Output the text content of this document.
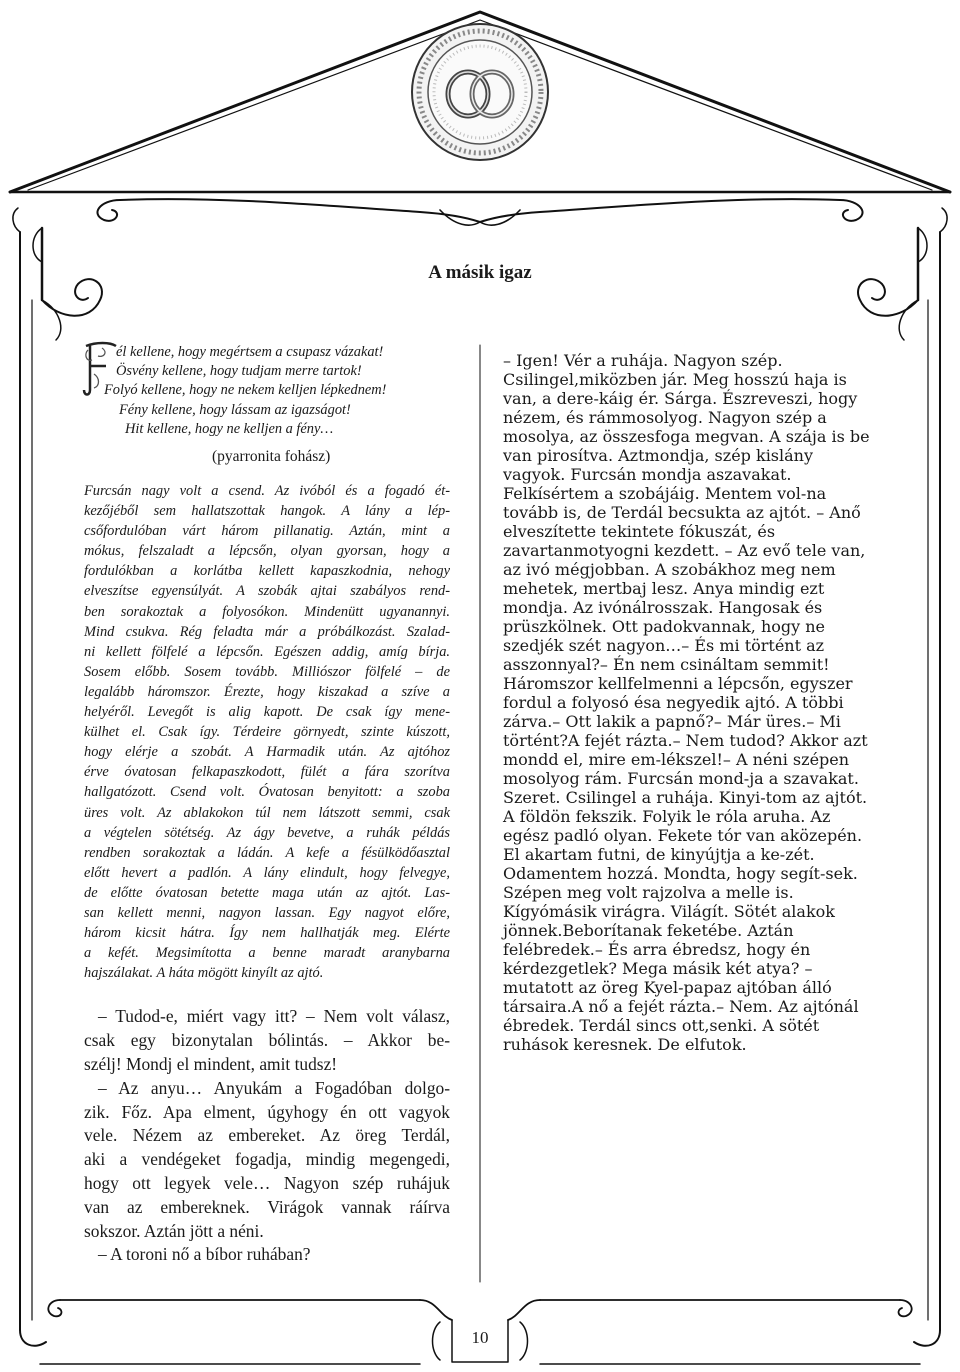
A másik igaz
él kellene, hogy megértsem a csupasz vázakat!
Ösvény kellene, hogy tudjam merre tartok!
Folyó kellene, hogy ne nekem kelljen lépkednem!
Fény kellene, hogy lássam az igazságot!
Hit kellene, hogy ne kelljen a fény…
(pyarronita fohász)
Furcsán nagy volt a csend. Az ivóból és a fogadó ét-
kezőjéből sem hallatszottak hangok. A lány a lép-
csőfordulóban várt három pillanatig. Aztán, mint a
mókus, felszaladt a lépcsőn, olyan gyorsan, hogy a
fordulókban a korlátba kellett kapaszkodnia, nehogy
elveszítse egyensúlyát. A szobák ajtai szabályos rend-
ben sorakoztak a folyosókon. Mindenütt ugyanannyi.
Mind csukva. Rég feladta már a próbálkozást. Szalad-
ni kellett fölfelé a lépcsőn. Egészen addig, amíg bírja.
Sosem előbb. Sosem tovább. Milliószor fölfelé – de
legalább háromszor. Érezte, hogy kiszakad a szíve a
helyéről. Levegőt is alig kapott. De csak így mene-
külhet el. Csak így. Térdeire görnyedt, szinte kúszott,
hogy elérje a szobát. A Harmadik után. Az ajtóhoz
érve óvatosan felkapaszkodott, fülét a fára szorítva
hallgatózott. Csend volt. Óvatosan benyitott: a szoba
üres volt. Az ablakokon túl nem látszott semmi, csak
a végtelen sötétség. Az ágy bevetve, a ruhák példás
rendben sorakoztak a ládán. A kefe a fésülködőasztal
előtt hevert a padlón. A lány elindult, hogy felvegye,
de előtte óvatosan betette maga után az ajtót. Las-
san kellett menni, nagyon lassan. Egy nagyot előre,
három kicsit hátra. Így nem hallhatják meg. Elérte
a kefét. Megsimította a benne maradt aranybarna
hajszálakat. A háta mögött kinyílt az ajtó.
– Tudod-e, miért vagy itt? – Nem volt válasz,
csak egy bizonytalan bólintás. – Akkor be-
szélj! Mondj el mindent, amit tudsz!
– Az anyu… Anyukám a Fogadóban dolgo-
zik. Főz. Apa elment, úgyhogy én ott vagyok
vele. Nézem az embereket. Az öreg Terdál,
aki a vendégeket fogadja, mindig megengedi,
hogy ott legyek vele… Nagyon szép ruhájuk
van az embereknek. Virágok vannak ráírva
sokszor. Aztán jött a néni.
– A toroni nő a bíbor ruhában?
– Igen! Vér a ruhája. Nagyon szép. Csilingel,miközben jár. Meg hosszú haja is van, a dere-káig ér. Sárga. Észreveszi, hogy nézem, és rámmosolyog. Nagyon szép a mosolya, az összesfoga megvan. A szája is be van pirosítva. Aztmondja, szép kislány vagyok. Furcsán mondja aszavakat. Felkísértem a szobájáig. Mentem vol-na tovább is, de Terdál becsukta az ajtót. – Anő elveszítette tekintete fókuszát, és zavartanmotyogni kezdett. – Az evő tele van, az ivó mégjobban. A szobákhoz meg nem mehetek, mertbaj lesz. Anya mindig ezt mondja. Az ivónálrosszak. Hangosak és prüszkölnek. Ott padokvannak, hogy ne szedjék szét nagyon…– És mi történt az asszonnyal?– Én nem csináltam semmit! Háromszor kellfelmenni a lépcsőn, egyszer fordul a folyosó ésa negyedik ajtó. A többi zárva.– Ott lakik a papnő?– Már üres.– Mi történt?A fejét rázta.– Nem tudod? Akkor azt mondd el, mire em-lékszel!– A néni szépen mosolyog rám. Furcsán mond-ja a szavakat. Szeret. Csilingel a ruhája. Kinyi-tom az ajtót. A földön fekszik. Folyik le róla aruha. Az egész padló olyan. Fekete tór van aközepén. El akartam futni, de kinyújtja a ke-zét. Odamentem hozzá. Mondta, hogy segít-sek. Szépen meg volt rajzolva a melle is. Kígyómásik virágra. Világít. Sötét alakok jönnek.Beborítanak feketébe. Aztán felébredek.– És arra ébredsz, hogy én kérdezgetlek? Mega másik két atya? – mutatott az öreg Kyel-papaz ajtóban álló társaira.A nő a fejét rázta.– Nem. Az ajtónál ébredek. Terdál sincs ott,senki. A sötét ruhások keresnek. De elfutok.
10
